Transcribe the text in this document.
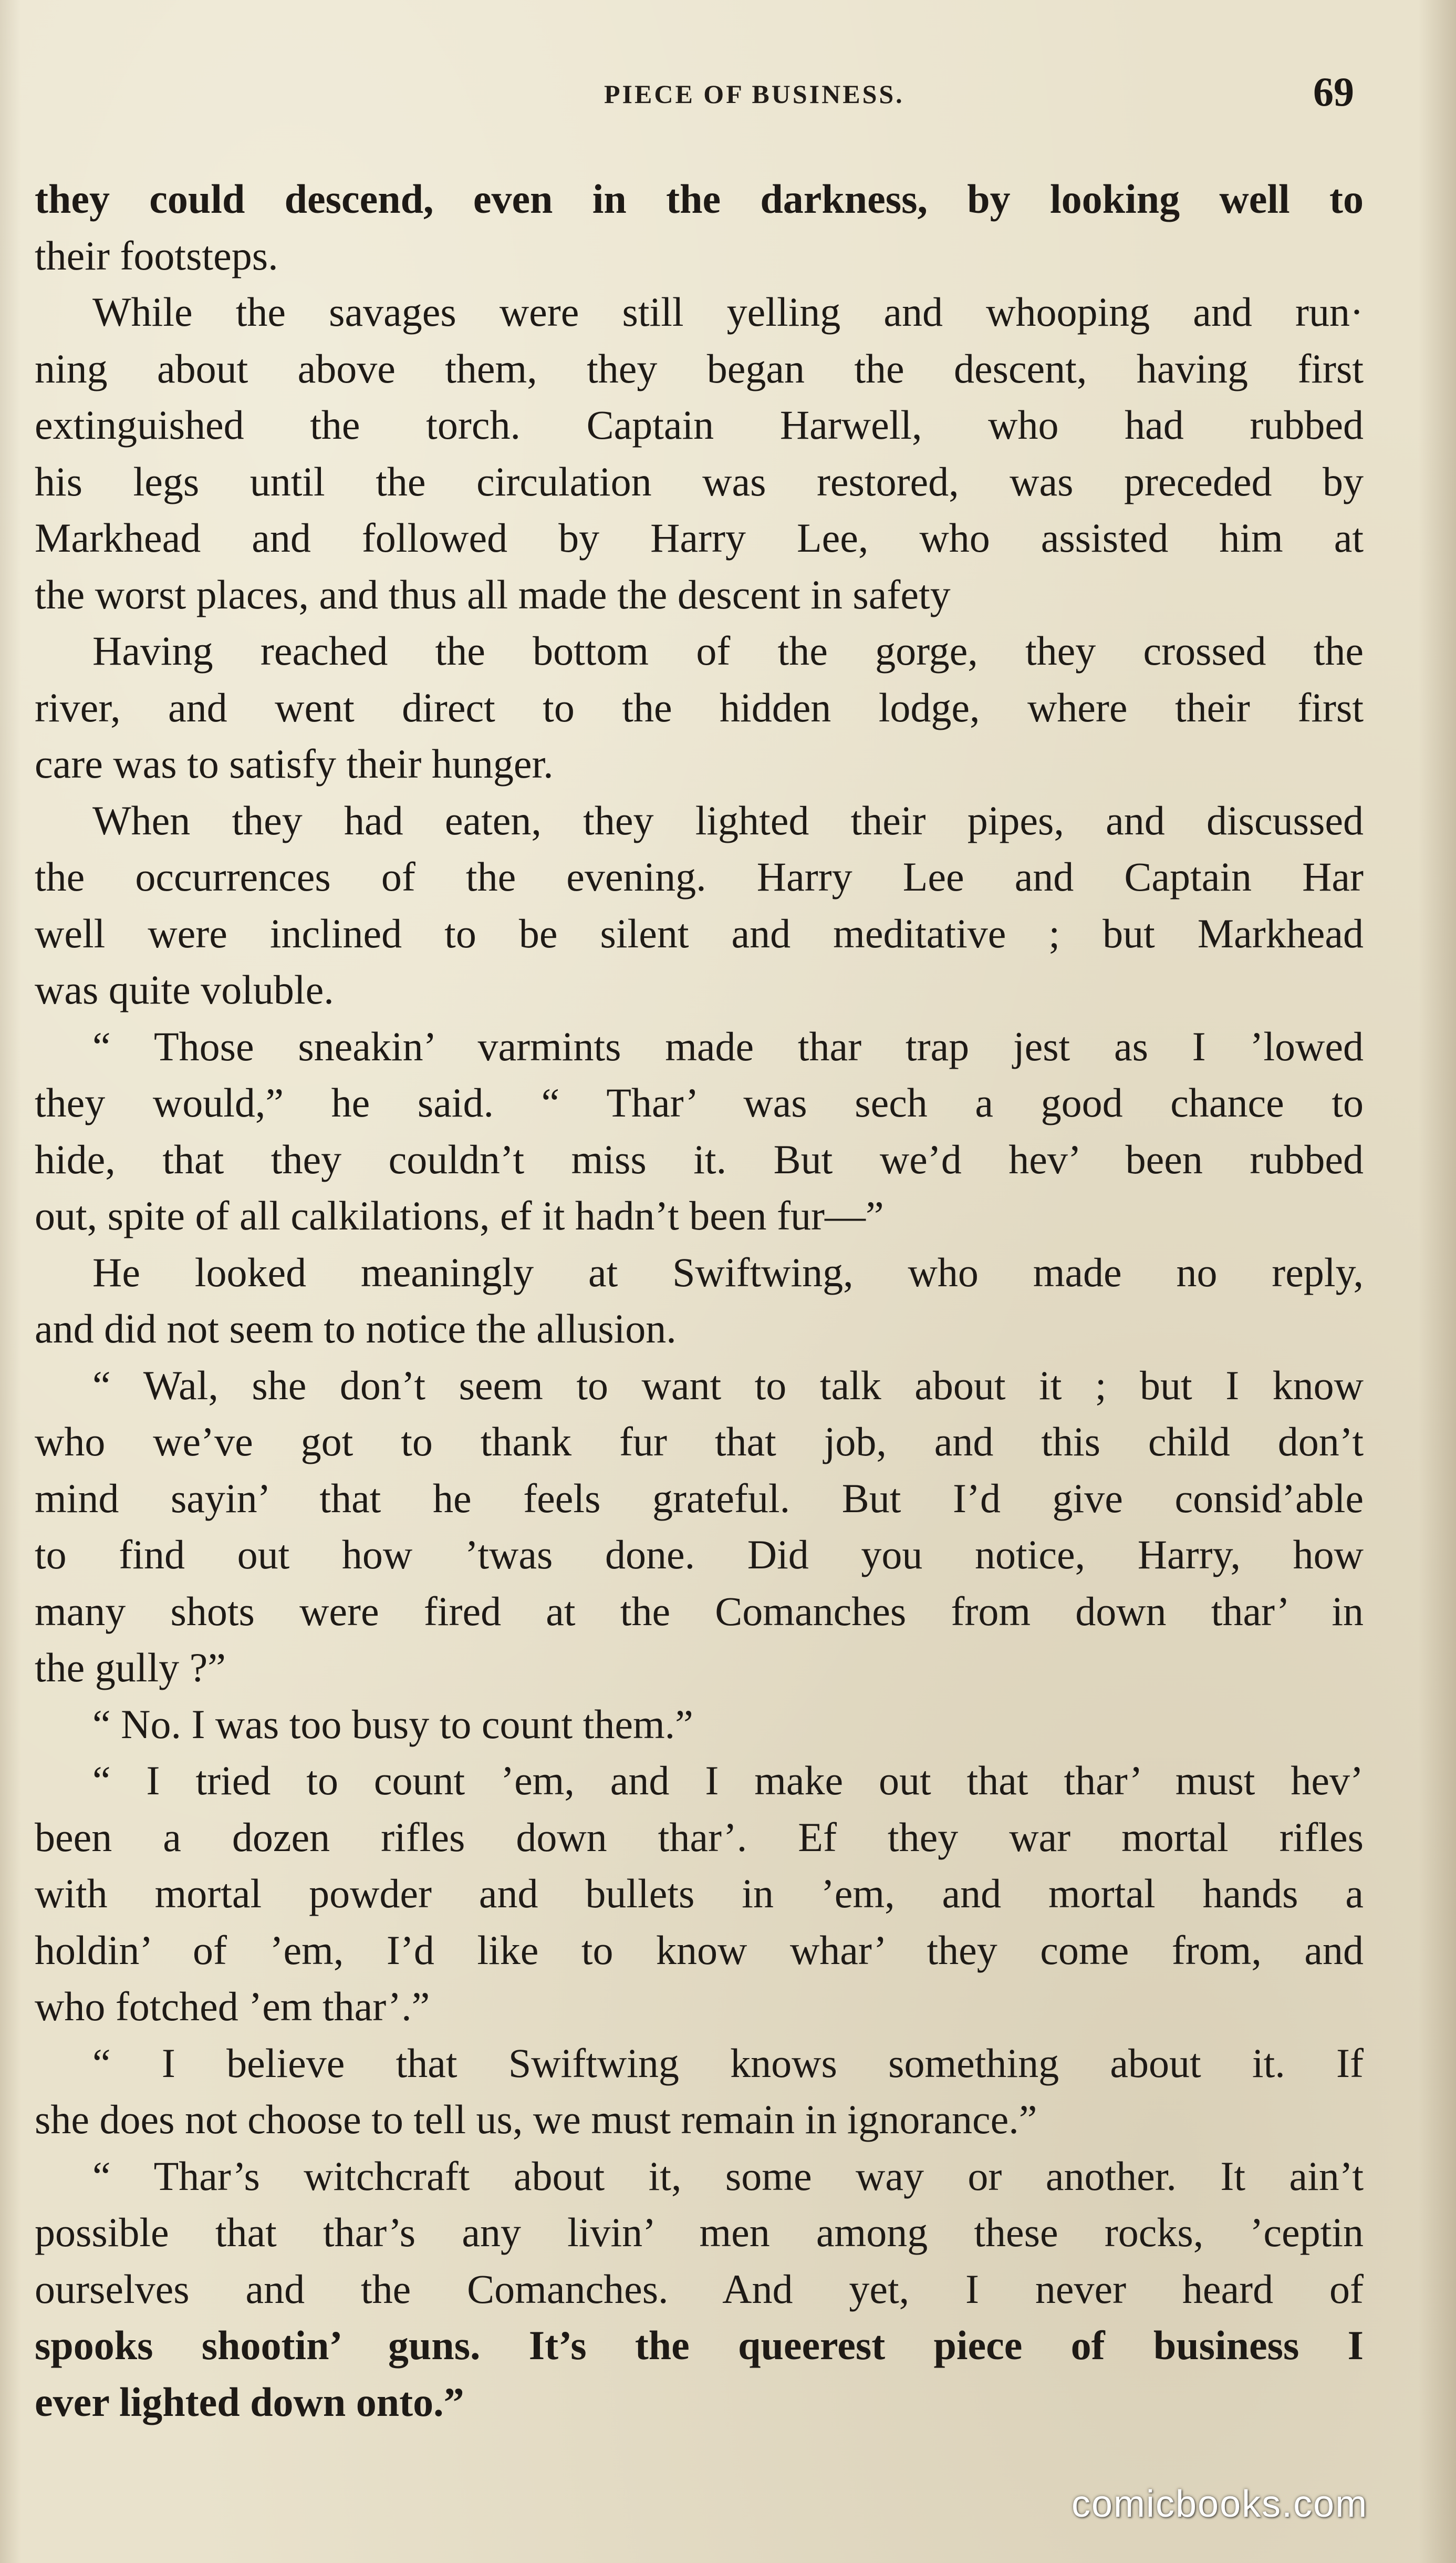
PIECE OF BUSINESS.	69
they could descend, even in the darkness, by looking well to
their footsteps.
While the savages were still yelling and whooping and run·
ning about above them, they began the descent, having first
extinguished the torch. Captain Harwell, who had rubbed
his legs until the circulation was restored, was preceded by
Markhead and followed by Harry Lee, who assisted him at
the worst places, and thus all made the descent in safety
Having reached the bottom of the gorge, they crossed the
river, and went direct to the hidden lodge, where their first
care was to satisfy their hunger.
When they had eaten, they lighted their pipes, and discussed
the occurrences of the evening. Harry Lee and Captain Har
well were inclined to be silent and meditative ; but Markhead
was quite voluble.
“ Those sneakin’ varmints made thar trap jest as I ’lowed
they would,” he said. “ Thar’ was sech a good chance to
hide, that they couldn’t miss it. But we’d hev’ been rubbed
out, spite of all calkilations, ef it hadn’t been fur—”
He looked meaningly at Swiftwing, who made no reply,
and did not seem to notice the allusion.
“ Wal, she don’t seem to want to talk about it ; but I know
who we’ve got to thank fur that job, and this child don’t
mind sayin’ that he feels grateful. But I’d give consid’able
to find out how ’twas done. Did you notice, Harry, how
many shots were fired at the Comanches from down thar’ in
the gully ?”
“ No. I was too busy to count them.”
“ I tried to count ’em, and I make out that thar’ must hev’
been a dozen rifles down thar’. Ef they war mortal rifles
with mortal powder and bullets in ’em, and mortal hands a
holdin’ of ’em, I’d like to know whar’ they come from, and
who fotched ’em thar’.”
“ I believe that Swiftwing knows something about it. If
she does not choose to tell us, we must remain in ignorance.”
“ Thar’s witchcraft about it, some way or another. It ain’t
possible that thar’s any livin’ men among these rocks, ’ceptin
ourselves and the Comanches. And yet, I never heard of
spooks shootin’ guns. It’s the queerest piece of business I
ever lighted down onto.”
comicbooks.com
